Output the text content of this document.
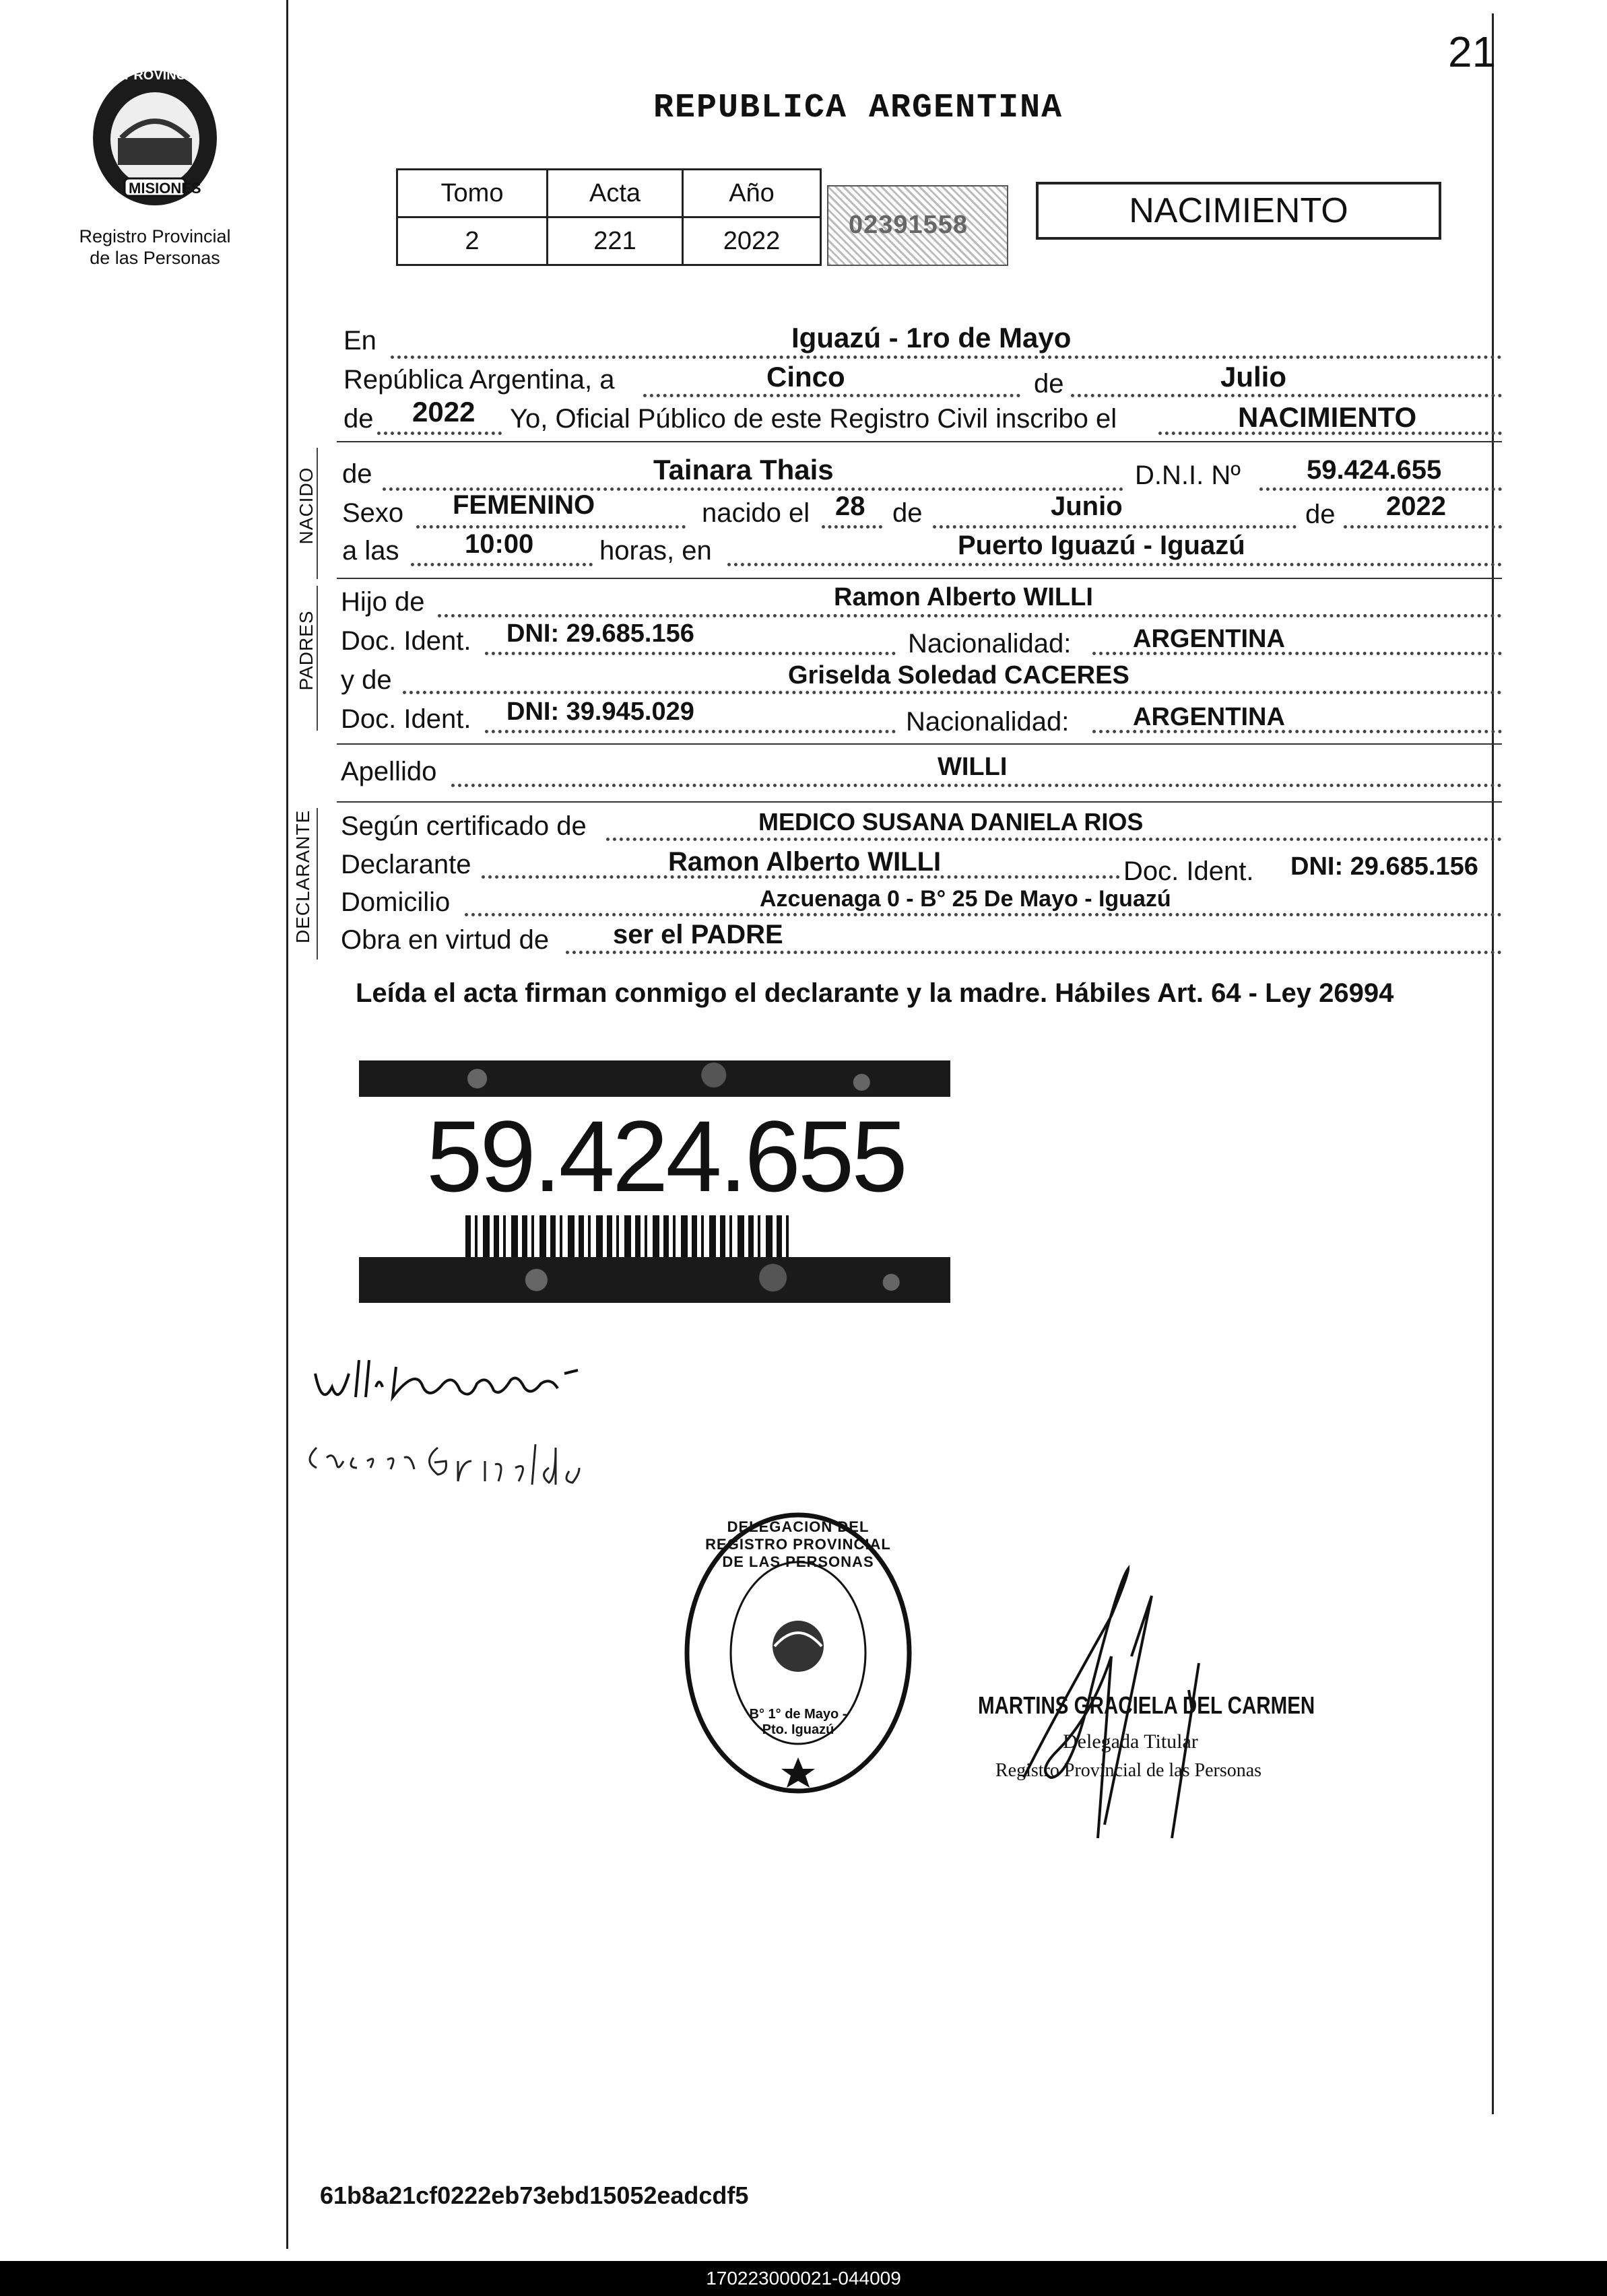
21
PROVINCIA DE
MISIONES
Registro Provincial
de las Personas
REPUBLICA ARGENTINA
Tomo	Acta	Año
2	221	2022
02391558	NACIMIENTO
En	Iguazú - 1ro de Mayo
República Argentina, a	Cinco	de	Julio
de 2022 Yo, Oficial Público de este Registro Civil inscribo el	NACIMIENTO
NACIDO de	Tainara Thais	D.N.I. Nº 59.424.655
Sexo FEMENINO	nacido el 28 de	Junio	de 2022
a las 10:00 horas, en	Puerto Iguazú - Iguazú
PADRES
Hijo de	Ramon Alberto WILLI
Doc. Ident. DNI: 29.685.156	Nacionalidad: ARGENTINA
y de	Griselda Soledad CACERES
Doc. Ident. DNI: 39.945.029	Nacionalidad: ARGENTINA
Apellido	WILLI
DECLARANTE Según certificado de	MEDICO SUSANA DANIELA RIOS
Declarante	Ramon Alberto WILLI	Doc. Ident. DNI: 29.685.156
Domicilio	Azcuenaga 0 - B° 25 De Mayo - Iguazú
Obra en virtud de ser el PADRE
Leída el acta firman conmigo el declarante y la madre. Hábiles Art. 64 - Ley 26994
59.424.655
DELEGACION DEL REGISTRO PROVINCIAL DE LAS PERSONAS
B° 1° de Mayo - Pto. Iguazú
MARTINS GRACIELA DEL CARMEN
Delegada Titular
Registro Provincial de las Personas
61b8a21cf0222eb73ebd15052eadcdf5
170223000021-044009
